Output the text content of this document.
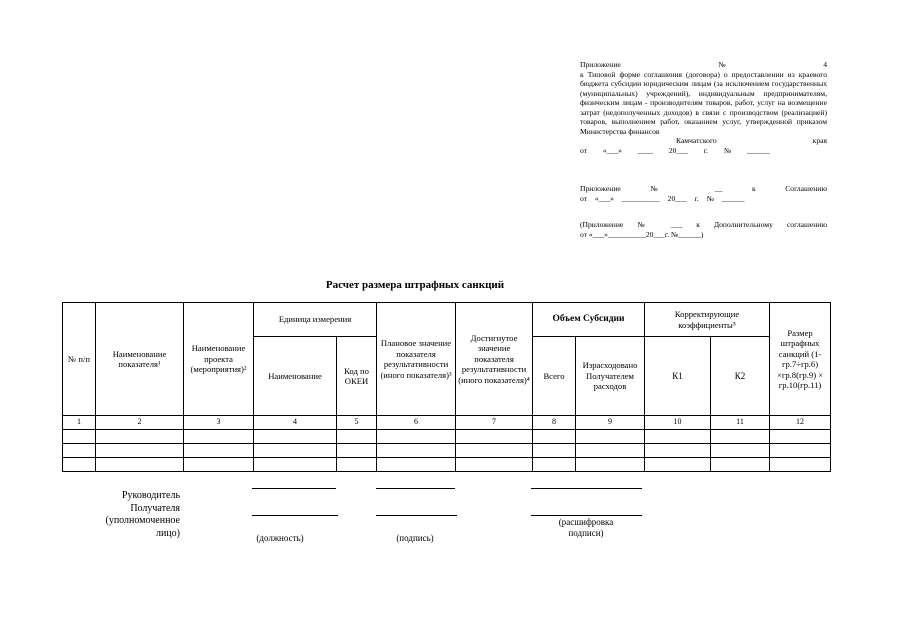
Приложение	№	4

к Типовой форме соглашения (договора) о предоставлении из краевого бюджета субсидии юридическим лицам (за исключением государственных (муниципальных) учреждений), индивидуальным предпринимателям, физическим лицам - производителям товаров, работ, услуг на возмещение затрат (недополученных доходов) в связи с производством (реализацией) товаров, выполнением работ, оказанием услуг, утвержденной приказом Министерства финансов

Камчатского	края

от «___» ____ 20___ г. № ______

Приложение № __ к Соглашению

от «___» __________ 20___ г. № ______

(Приложение № ___ к Дополнительному соглашению

от «___»__________20___г. №______)

Расчет размера штрафных санкций
№ п/п	Наименование показателя¹	Наименование проекта (мероприятия)²	Единица измерения		Плановое значение показателя результативности (иного показателя)³	Достигнутое значение показателя результативности (иного показателя)⁴	Объем Субсидии		Корректирующие коэффициенты⁵		Размер штрафных санкций (1-гр.7÷гр.6) ×гр.8(гр.9) × гр.10(гр.11)
			Наименование	Код по ОКЕИ			Всего	Израсходовано Получателем расходов	К1	К2	
1	2	3	4	5	6	7	8	9	10	11	12

Руководитель Получателя (уполномоченное лицо)	(должность)	(подпись)
(расшифровка подписи)
